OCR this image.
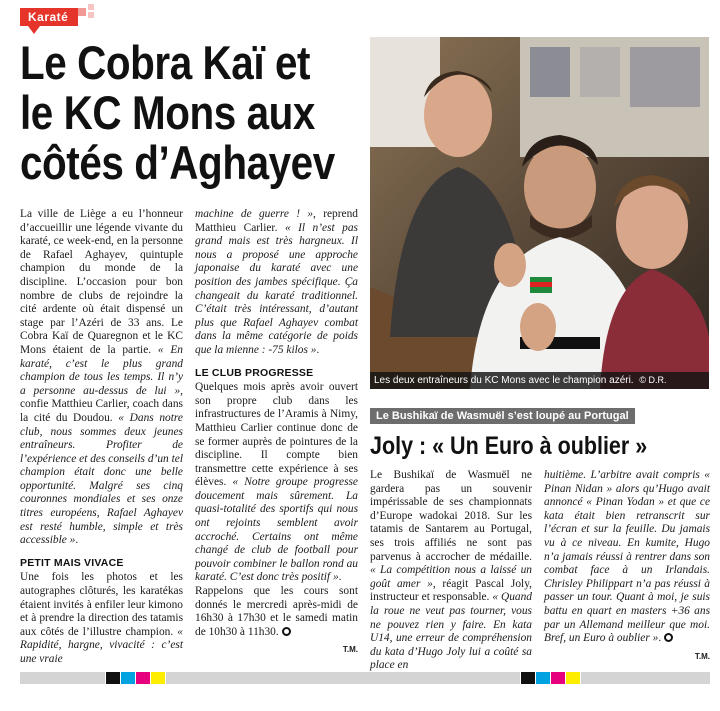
Karaté
Le Cobra Kaï et
le KC Mons aux
côtés d’Aghayev

La ville de Liège a eu l’honneur d’accueillir une légende vivante du karaté, ce week-end, en la personne de Rafael Aghayev, quintuple champion du monde de la discipline. L’occasion pour bon nombre de clubs de rejoindre la cité ardente où était dispensé un stage par l’Azéri de 33 ans. Le Cobra Kaï de Quaregnon et le KC Mons étaient de la partie. « En karaté, c’est le plus grand champion de tous les temps. Il n’y a personne au-dessus de lui », confie Matthieu Carlier, coach dans la cité du Doudou. « Dans notre club, nous sommes deux jeunes entraîneurs. Profiter de l’expérience et des conseils d’un tel champion était donc une belle opportunité. Malgré ses cinq couronnes mondiales et ses onze titres européens, Rafael Aghayev est resté humble, simple et très accessible ».

PETIT MAIS VIVACE

Une fois les photos et les autographes clôturés, les karatékas étaient invités à enfiler leur kimono et à prendre la direction des tatamis aux côtés de l’illustre champion. « Rapidité, hargne, vivacité : c’est une vraie

machine de guerre ! », reprend Matthieu Carlier. « Il n’est pas grand mais est très hargneux. Il nous a proposé une approche japonaise du karaté avec une position des jambes spécifique. Ça changeait du karaté traditionnel. C’était très intéressant, d’autant plus que Rafael Aghayev combat dans la même catégorie de poids que la mienne : -75 kilos ».

LE CLUB PROGRESSE

Quelques mois après avoir ouvert son propre club dans les infrastructures de l’Aramis à Nimy, Matthieu Carlier continue donc de se former auprès de pointures de la discipline. Il compte bien transmettre cette expérience à ses élèves. « Notre groupe progresse doucement mais sûrement. La quasi-totalité des sportifs qui nous ont rejoints semblent avoir accroché. Certains ont même changé de club de football pour pouvoir combiner le ballon rond au karaté. C’est donc très positif ».

Rappelons que les cours sont donnés le mercredi après-midi de 16h30 à 17h30 et le samedi matin de 10h30 à 11h30.

T.M.
Les deux entraîneurs du KC Mons avec le champion azéri. © D.R.
Le Bushikaï de Wasmuël s’est loupé au Portugal
Joly : « Un Euro à oublier »

Le Bushikaï de Wasmuël ne gardera pas un souvenir impérissable de ses championnats d’Europe wadokai 2018. Sur les tatamis de Santarem au Portugal, ses trois affiliés ne sont pas parvenus à accrocher de médaille. « La compétition nous a laissé un goût amer », réagit Pascal Joly, instructeur et responsable. « Quand la roue ne veut pas tourner, vous ne pouvez rien y faire. En kata U14, une erreur de compréhension du kata d’Hugo Joly lui a coûté sa place en

huitième. L’arbitre avait compris « Pinan Nidan » alors qu’Hugo avait annoncé « Pinan Yodan » et que ce kata était bien retranscrit sur l’écran et sur la feuille. Du jamais vu à ce niveau. En kumite, Hugo n’a jamais réussi à rentrer dans son combat face à un Irlandais. Chrisley Philippart n’a pas réussi à passer un tour. Quant à moi, je suis battu en quart en masters +36 ans par un Allemand meilleur que moi. Bref, un Euro à oublier ».

T.M.
